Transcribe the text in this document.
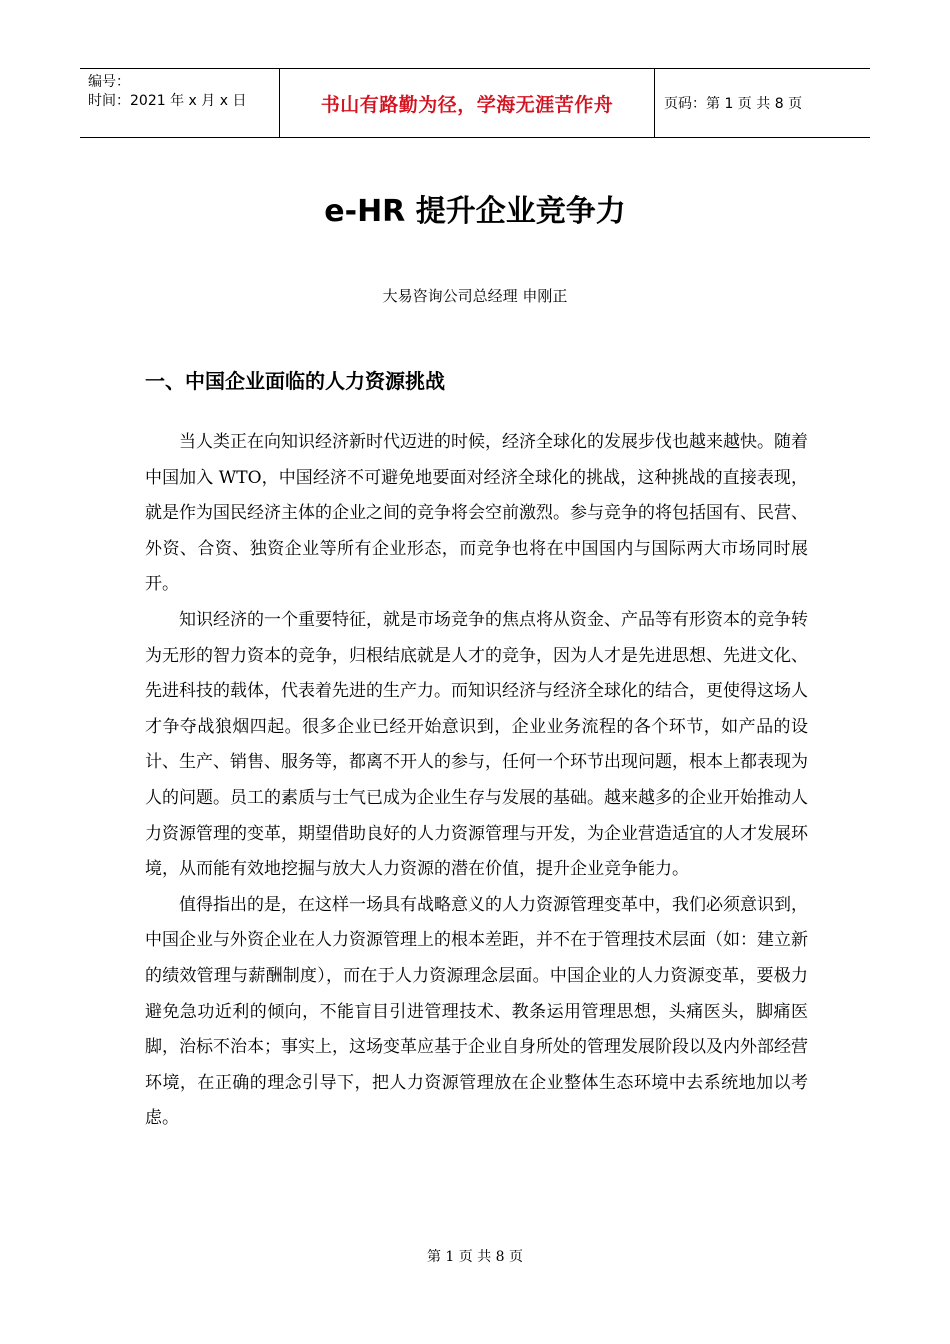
编号：
时间：2021 年 x 月 x 日	书山有路勤为径，学海无涯苦作舟	页码：第 1 页 共 8 页
e-HR 提升企业竞争力
大易咨询公司总经理 申刚正
一、中国企业面临的人力资源挑战

当人类正在向知识经济新时代迈进的时候，经济全球化的发展步伐也越来越快。随着中国加入 WTO，中国经济不可避免地要面对经济全球化的挑战，这种挑战的直接表现，就是作为国民经济主体的企业之间的竞争将会空前激烈。参与竞争的将包括国有、民营、外资、合资、独资企业等所有企业形态，而竞争也将在中国国内与国际两大市场同时展开。

知识经济的一个重要特征，就是市场竞争的焦点将从资金、产品等有形资本的竞争转为无形的智力资本的竞争，归根结底就是人才的竞争，因为人才是先进思想、先进文化、先进科技的载体，代表着先进的生产力。而知识经济与经济全球化的结合，更使得这场人才争夺战狼烟四起。很多企业已经开始意识到，企业业务流程的各个环节，如产品的设计、生产、销售、服务等，都离不开人的参与，任何一个环节出现问题，根本上都表现为人的问题。员工的素质与士气已成为企业生存与发展的基础。越来越多的企业开始推动人力资源管理的变革，期望借助良好的人力资源管理与开发，为企业营造适宜的人才发展环境，从而能有效地挖掘与放大人力资源的潜在价值，提升企业竞争能力。

值得指出的是，在这样一场具有战略意义的人力资源管理变革中，我们必须意识到，中国企业与外资企业在人力资源管理上的根本差距，并不在于管理技术层面（如：建立新的绩效管理与薪酬制度），而在于人力资源理念层面。中国企业的人力资源变革，要极力避免急功近利的倾向，不能盲目引进管理技术、教条运用管理思想，头痛医头，脚痛医脚，治标不治本；事实上，这场变革应基于企业自身所处的管理发展阶段以及内外部经营环境，在正确的理念引导下，把人力资源管理放在企业整体生态环境中去系统地加以考虑。

第 1 页 共 8 页
